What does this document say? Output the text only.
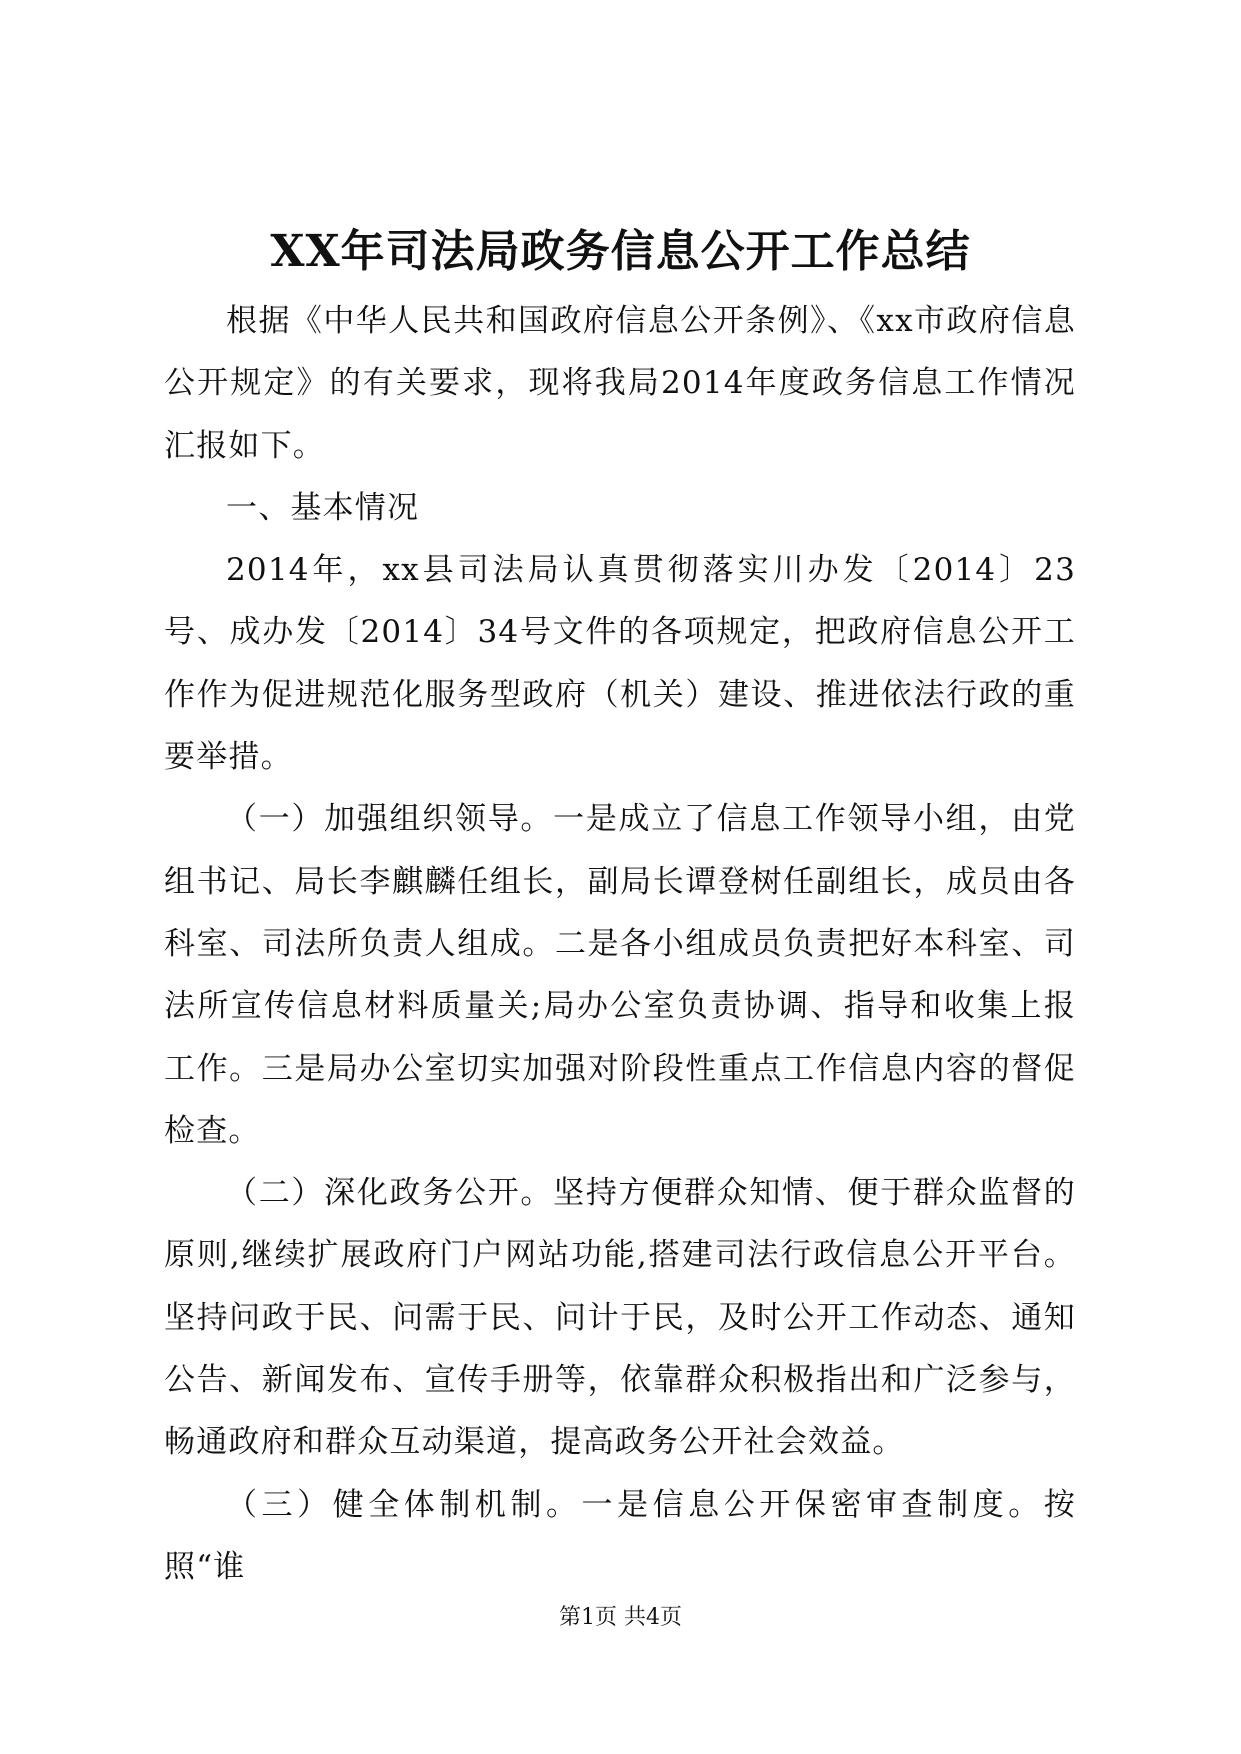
XX年司法局政务信息公开工作总结

根据《中华人民共和国政府信息公开条例》、《xx市政府信息公开规定》的有关要求，现将我局2014年度政务信息工作情况汇报如下。

一、基本情况

2014年，xx县司法局认真贯彻落实川办发〔2014〕23号、成办发〔2014〕34号文件的各项规定，把政府信息公开工作作为促进规范化服务型政府（机关）建设、推进依法行政的重要举措。

（一）加强组织领导。一是成立了信息工作领导小组，由党组书记、局长李麒麟任组长，副局长谭登树任副组长，成员由各科室、司法所负责人组成。二是各小组成员负责把好本科室、司法所宣传信息材料质量关;局办公室负责协调、指导和收集上报工作。三是局办公室切实加强对阶段性重点工作信息内容的督促检查。

（二）深化政务公开。坚持方便群众知情、便于群众监督的原则,继续扩展政府门户网站功能,搭建司法行政信息公开平台。坚持问政于民、问需于民、问计于民，及时公开工作动态、通知公告、新闻发布、宣传手册等，依靠群众积极指出和广泛参与，畅通政府和群众互动渠道，提高政务公开社会效益。

（三）健全体制机制。一是信息公开保密审查制度。按照“谁

第1页 共4页
